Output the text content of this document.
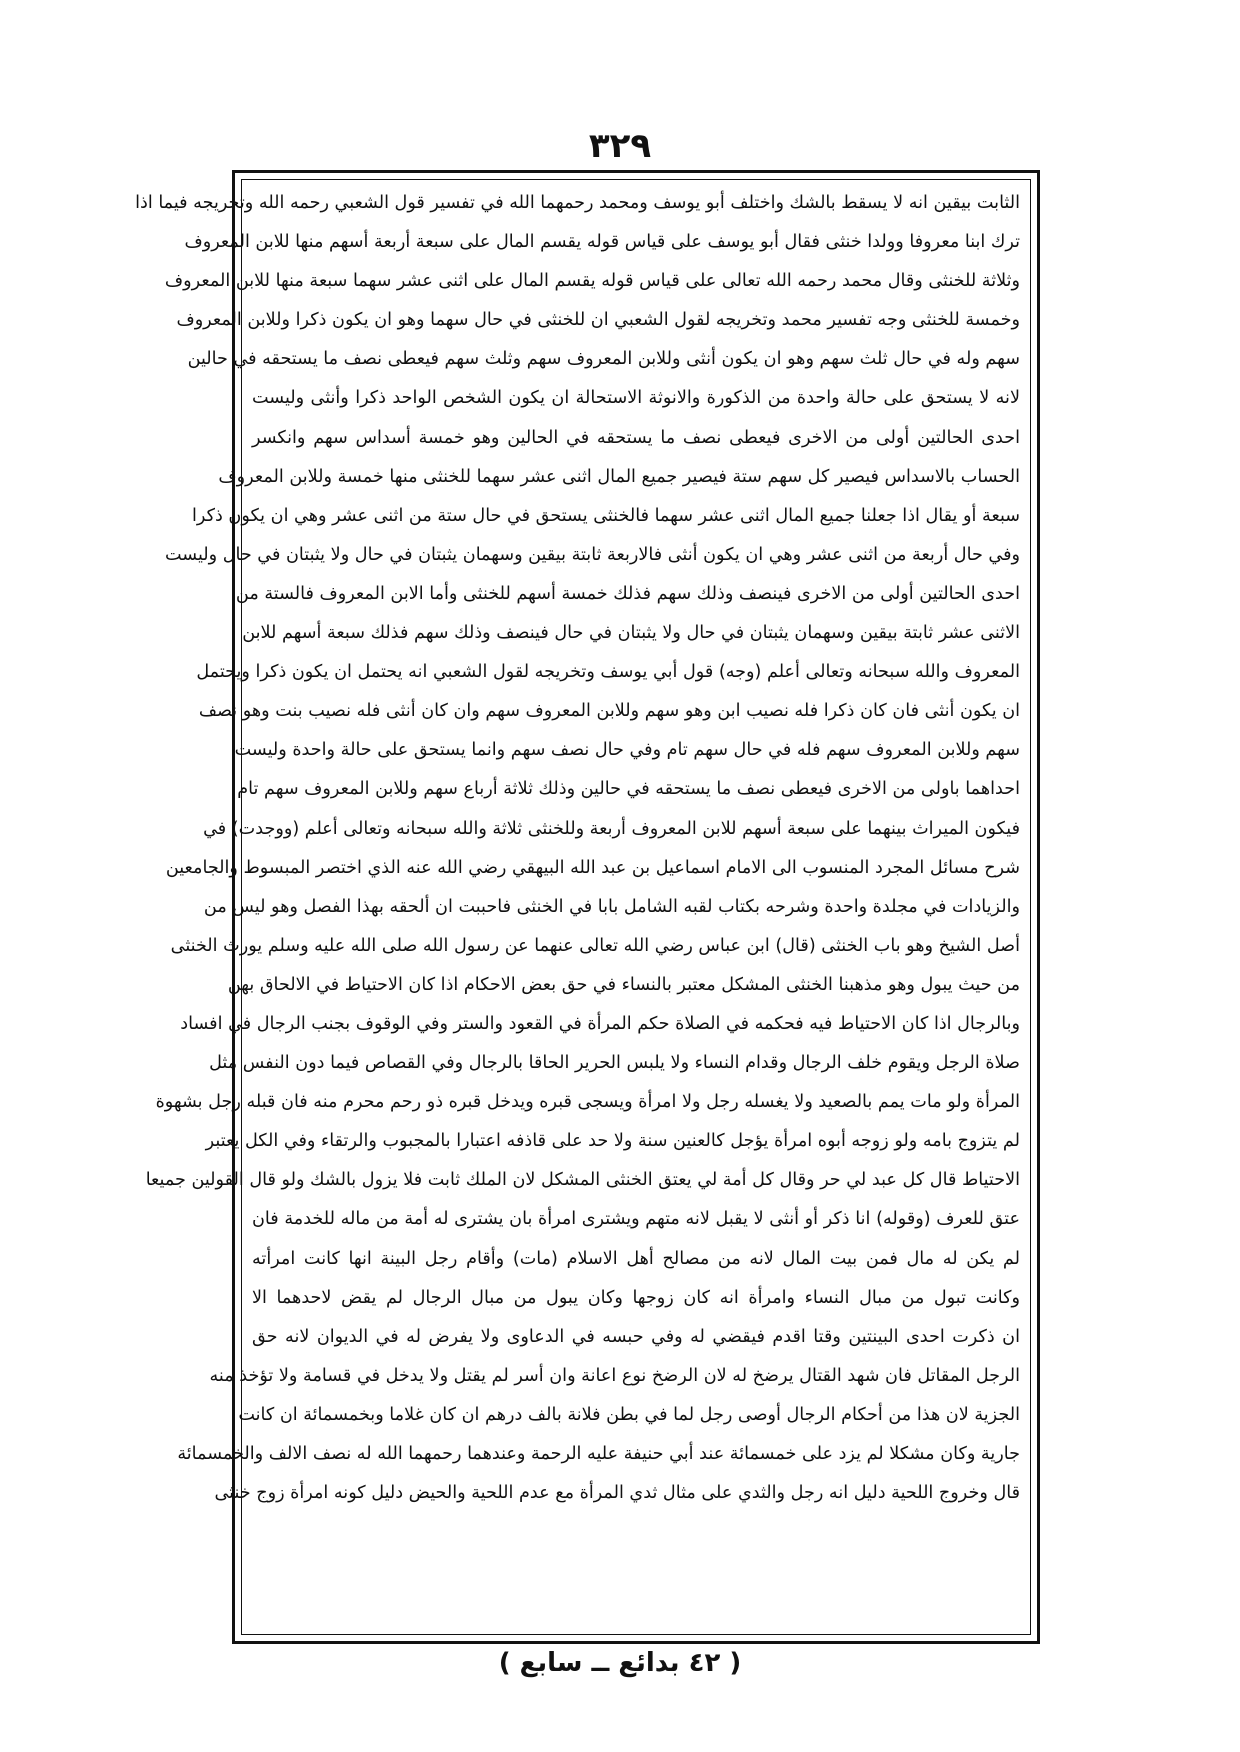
٣٢٩
الثابت بيقين انه لا يسقط بالشك واختلف أبو يوسف ومحمد رحمهما الله في تفسير قول الشعبي رحمه الله وتخريجه فيما اذا
ترك ابنا معروفا وولدا خنثى فقال أبو يوسف على قياس قوله يقسم المال على سبعة أربعة أسهم منها للابن المعروف
وثلاثة للخنثى وقال محمد رحمه الله تعالى على قياس قوله يقسم المال على اثنى عشر سهما سبعة منها للابن المعروف
وخمسة للخنثى وجه تفسير محمد وتخريجه لقول الشعبي ان للخنثى في حال سهما وهو ان يكون ذكرا وللابن المعروف
سهم وله في حال ثلث سهم وهو ان يكون أنثى وللابن المعروف سهم وثلث سهم فيعطى نصف ما يستحقه في حالين
لانه لا يستحق على حالة واحدة من الذكورة والانوثة الاستحالة ان يكون الشخص الواحد ذكرا وأنثى وليست
احدى الحالتين أولى من الاخرى فيعطى نصف ما يستحقه في الحالين وهو خمسة أسداس سهم وانكسر
الحساب بالاسداس فيصير كل سهم ستة فيصير جميع المال اثنى عشر سهما للخنثى منها خمسة وللابن المعروف
سبعة أو يقال اذا جعلنا جميع المال اثنى عشر سهما فالخنثى يستحق في حال ستة من اثنى عشر وهي ان يكون ذكرا
وفي حال أربعة من اثنى عشر وهي ان يكون أنثى فالاربعة ثابتة بيقين وسهمان يثبتان في حال ولا يثبتان في حال وليست
احدى الحالتين أولى من الاخرى فينصف وذلك سهم فذلك خمسة أسهم للخنثى وأما الابن المعروف فالستة من
الاثنى عشر ثابتة بيقين وسهمان يثبتان في حال ولا يثبتان في حال فينصف وذلك سهم فذلك سبعة أسهم للابن
المعروف والله سبحانه وتعالى أعلم (وجه) قول أبي يوسف وتخريجه لقول الشعبي انه يحتمل ان يكون ذكرا ويحتمل
ان يكون أنثى فان كان ذكرا فله نصيب ابن وهو سهم وللابن المعروف سهم وان كان أنثى فله نصيب بنت وهو نصف
سهم وللابن المعروف سهم فله في حال سهم تام وفي حال نصف سهم وانما يستحق على حالة واحدة وليست
احداهما باولى من الاخرى فيعطى نصف ما يستحقه في حالين وذلك ثلاثة أرباع سهم وللابن المعروف سهم تام
فيكون الميراث بينهما على سبعة أسهم للابن المعروف أربعة وللخنثى ثلاثة والله سبحانه وتعالى أعلم (ووجدت) في
شرح مسائل المجرد المنسوب الى الامام اسماعيل بن عبد الله البيهقي رضي الله عنه الذي اختصر المبسوط والجامعين
والزيادات في مجلدة واحدة وشرحه بكتاب لقبه الشامل بابا في الخنثى فاحببت ان ألحقه بهذا الفصل وهو ليس من
أصل الشيخ وهو باب الخنثى (قال) ابن عباس رضي الله تعالى عنهما عن رسول الله صلى الله عليه وسلم يورث الخنثى
من حيث يبول وهو مذهبنا الخنثى المشكل معتبر بالنساء في حق بعض الاحكام اذا كان الاحتياط في الالحاق بهن
وبالرجال اذا كان الاحتياط فيه فحكمه في الصلاة حكم المرأة في القعود والستر وفي الوقوف بجنب الرجال في افساد
صلاة الرجل ويقوم خلف الرجال وقدام النساء ولا يلبس الحرير الحاقا بالرجال وفي القصاص فيما دون النفس مثل
المرأة ولو مات يمم بالصعيد ولا يغسله رجل ولا امرأة ويسجى قبره ويدخل قبره ذو رحم محرم منه فان قبله رجل بشهوة
لم يتزوج بامه ولو زوجه أبوه امرأة يؤجل كالعنين سنة ولا حد على قاذفه اعتبارا بالمجبوب والرتقاء وفي الكل يعتبر
الاحتياط قال كل عبد لي حر وقال كل أمة لي يعتق الخنثى المشكل لان الملك ثابت فلا يزول بالشك ولو قال القولين جميعا
عتق للعرف (وقوله) انا ذكر أو أنثى لا يقبل لانه متهم ويشترى امرأة بان يشترى له أمة من ماله للخدمة فان
لم يكن له مال فمن بيت المال لانه من مصالح أهل الاسلام (مات) وأقام رجل البينة انها كانت امرأته
وكانت تبول من مبال النساء وامرأة انه كان زوجها وكان يبول من مبال الرجال لم يقض لاحدهما الا
ان ذكرت احدى البينتين وقتا اقدم فيقضي له وفي حبسه في الدعاوى ولا يفرض له في الديوان لانه حق
الرجل المقاتل فان شهد القتال يرضخ له لان الرضخ نوع اعانة وان أسر لم يقتل ولا يدخل في قسامة ولا تؤخذ منه
الجزية لان هذا من أحكام الرجال أوصى رجل لما في بطن فلانة بالف درهم ان كان غلاما وبخمسمائة ان كانت
جارية وكان مشكلا لم يزد على خمسمائة عند أبي حنيفة عليه الرحمة وعندهما رحمهما الله له نصف الالف والخمسمائة
قال وخروج اللحية دليل انه رجل والثدي على مثال ثدي المرأة مع عدم اللحية والحيض دليل كونه امرأة زوج خنثى
( ٤٢ بدائع ــ سابع )
